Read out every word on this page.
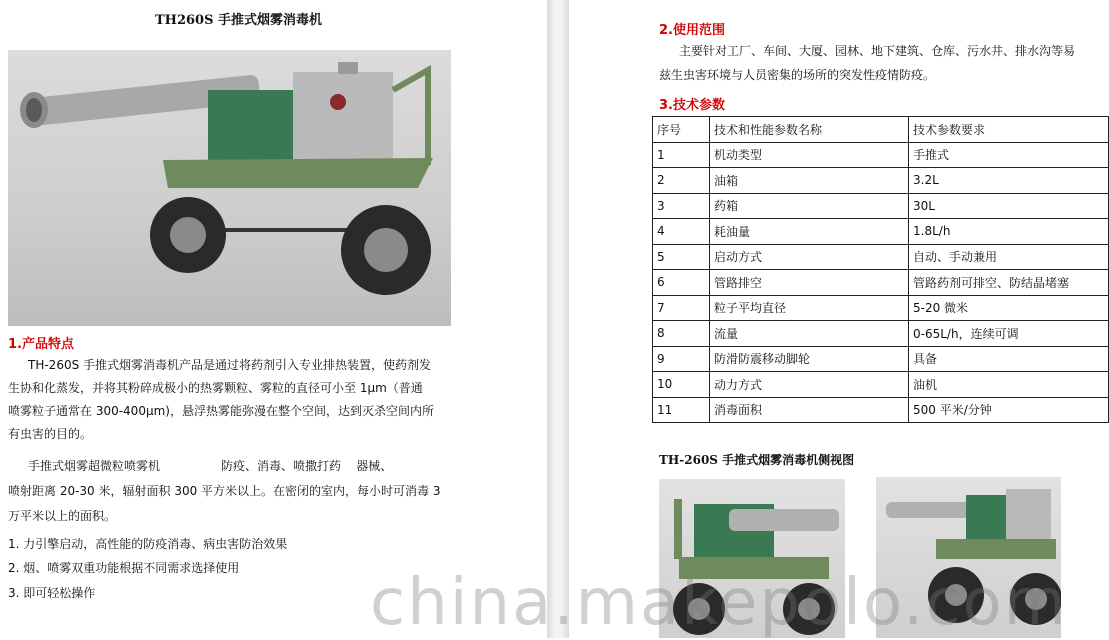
TH260S 手推式烟雾消毒机
1.产品特点
TH-260S 手推式烟雾消毒机产品是通过将药剂引入专业排热装置，使药剂发
生协和化蒸发，并将其粉碎成极小的热雾颗粒、雾粒的直径可小至 1μm（普通
喷雾粒子通常在 300-400μm)，悬浮热雾能弥漫在整个空间，达到灭杀空间内所
有虫害的目的。
手推式烟雾超微粒喷雾机                防疫、消毒、喷撒打药    器械、
喷射距离 20-30 米，辐射面积 300 平方米以上。在密闭的室内，每小时可消毒 3
万平米以上的面积。
1. 力引擎启动，高性能的防疫消毒、病虫害防治效果
2. 烟、喷雾双重功能根据不同需求选择使用
3. 即可轻松操作
2.使用范围
主要针对工厂、车间、大厦、园林、地下建筑、仓库、污水井、排水沟等易
兹生虫害环境与人员密集的场所的突发性疫情防疫。
3.技术参数
序号	技术和性能参数名称	技术参数要求
1	机动类型	手推式
2	油箱	3.2L
3	药箱	30L
4	耗油量	1.8L/h
5	启动方式	自动、手动兼用
6	管路排空	管路药剂可排空、防结晶堵塞
7	粒子平均直径	5-20 微米
8	流量	0-65L/h，连续可调
9	防滑防震移动脚轮	具备
10	动力方式	油机
11	消毒面积	500 平米/分钟
TH-260S 手推式烟雾消毒机侧视图
china.makepolo.com
